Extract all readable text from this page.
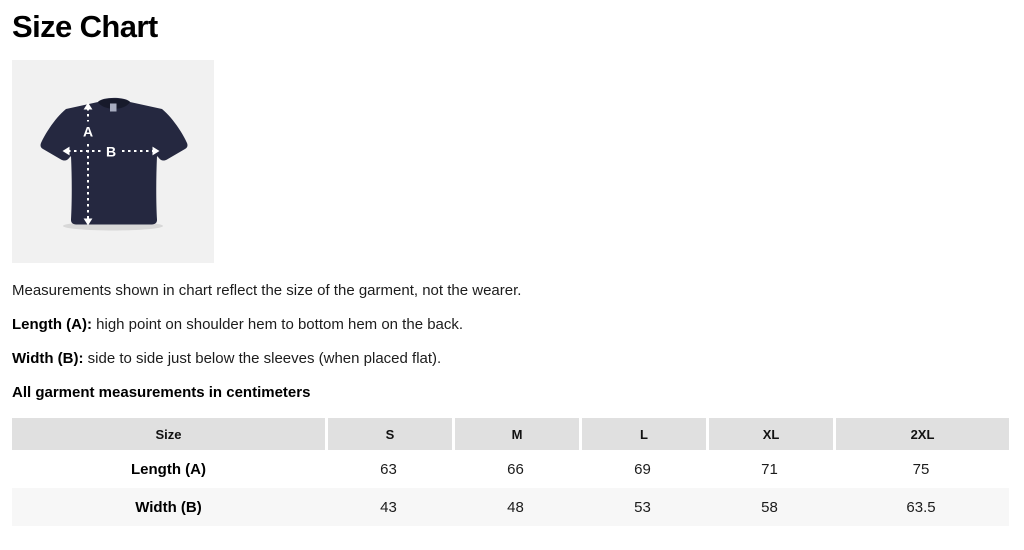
Size Chart
A
B

Measurements shown in chart reflect the size of the garment, not the wearer.

Length (A): high point on shoulder hem to bottom hem on the back.

Width (B): side to side just below the sleeves (when placed flat).

All garment measurements in centimeters

Size	S	M	L	XL	2XL
Length (A)	63	66	69	71	75
Width (B)	43	48	53	58	63.5
